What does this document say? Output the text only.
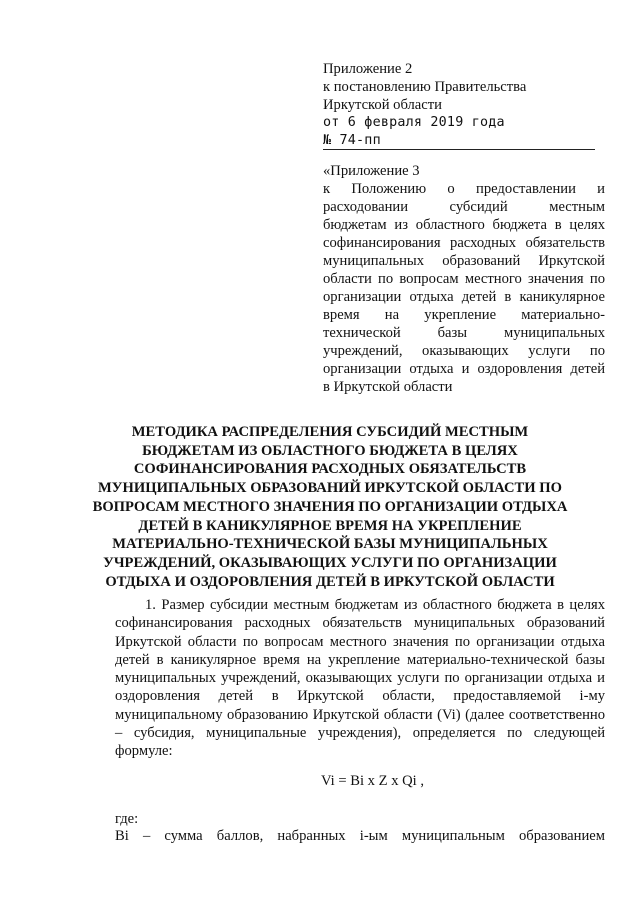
Приложение 2
к постановлению Правительства
Иркутской области
от 6 февраля 2019 года
№ 74-пп
«Приложение 3
к Положению о предоставлении и
расходовании субсидий местным
бюджетам из областного бюджета в целях
софинансирования расходных обязательств
муниципальных образований Иркутской
области по вопросам местного значения по
организации отдыха детей в каникулярное
время на укрепление материально-
технической базы муниципальных
учреждений, оказывающих услуги по
организации отдыха и оздоровления детей
в Иркутской области
МЕТОДИКА РАСПРЕДЕЛЕНИЯ СУБСИДИЙ МЕСТНЫМ
БЮДЖЕТАМ ИЗ ОБЛАСТНОГО БЮДЖЕТА В ЦЕЛЯХ
СОФИНАНСИРОВАНИЯ РАСХОДНЫХ ОБЯЗАТЕЛЬСТВ
МУНИЦИПАЛЬНЫХ ОБРАЗОВАНИЙ ИРКУТСКОЙ ОБЛАСТИ ПО
ВОПРОСАМ МЕСТНОГО ЗНАЧЕНИЯ ПО ОРГАНИЗАЦИИ ОТДЫХА
ДЕТЕЙ В КАНИКУЛЯРНОЕ ВРЕМЯ НА УКРЕПЛЕНИЕ
МАТЕРИАЛЬНО-ТЕХНИЧЕСКОЙ БАЗЫ МУНИЦИПАЛЬНЫХ
УЧРЕЖДЕНИЙ, ОКАЗЫВАЮЩИХ УСЛУГИ ПО ОРГАНИЗАЦИИ
ОТДЫХА И ОЗДОРОВЛЕНИЯ ДЕТЕЙ В ИРКУТСКОЙ ОБЛАСТИ
1. Размер субсидии местным бюджетам из областного бюджета в целях
софинансирования расходных обязательств муниципальных образований
Иркутской области по вопросам местного значения по организации отдыха
детей в каникулярное время на укрепление материально-технической базы
муниципальных учреждений, оказывающих услуги по организации отдыха и
оздоровления детей в Иркутской области, предоставляемой i-му
муниципальному образованию Иркутской области (Vi) (далее соответственно
– субсидия, муниципальные учреждения), определяется по следующей
формуле:
Vi = Bi x Z x Qi ,
где:
Bi – сумма баллов, набранных i-ым муниципальным образованием
